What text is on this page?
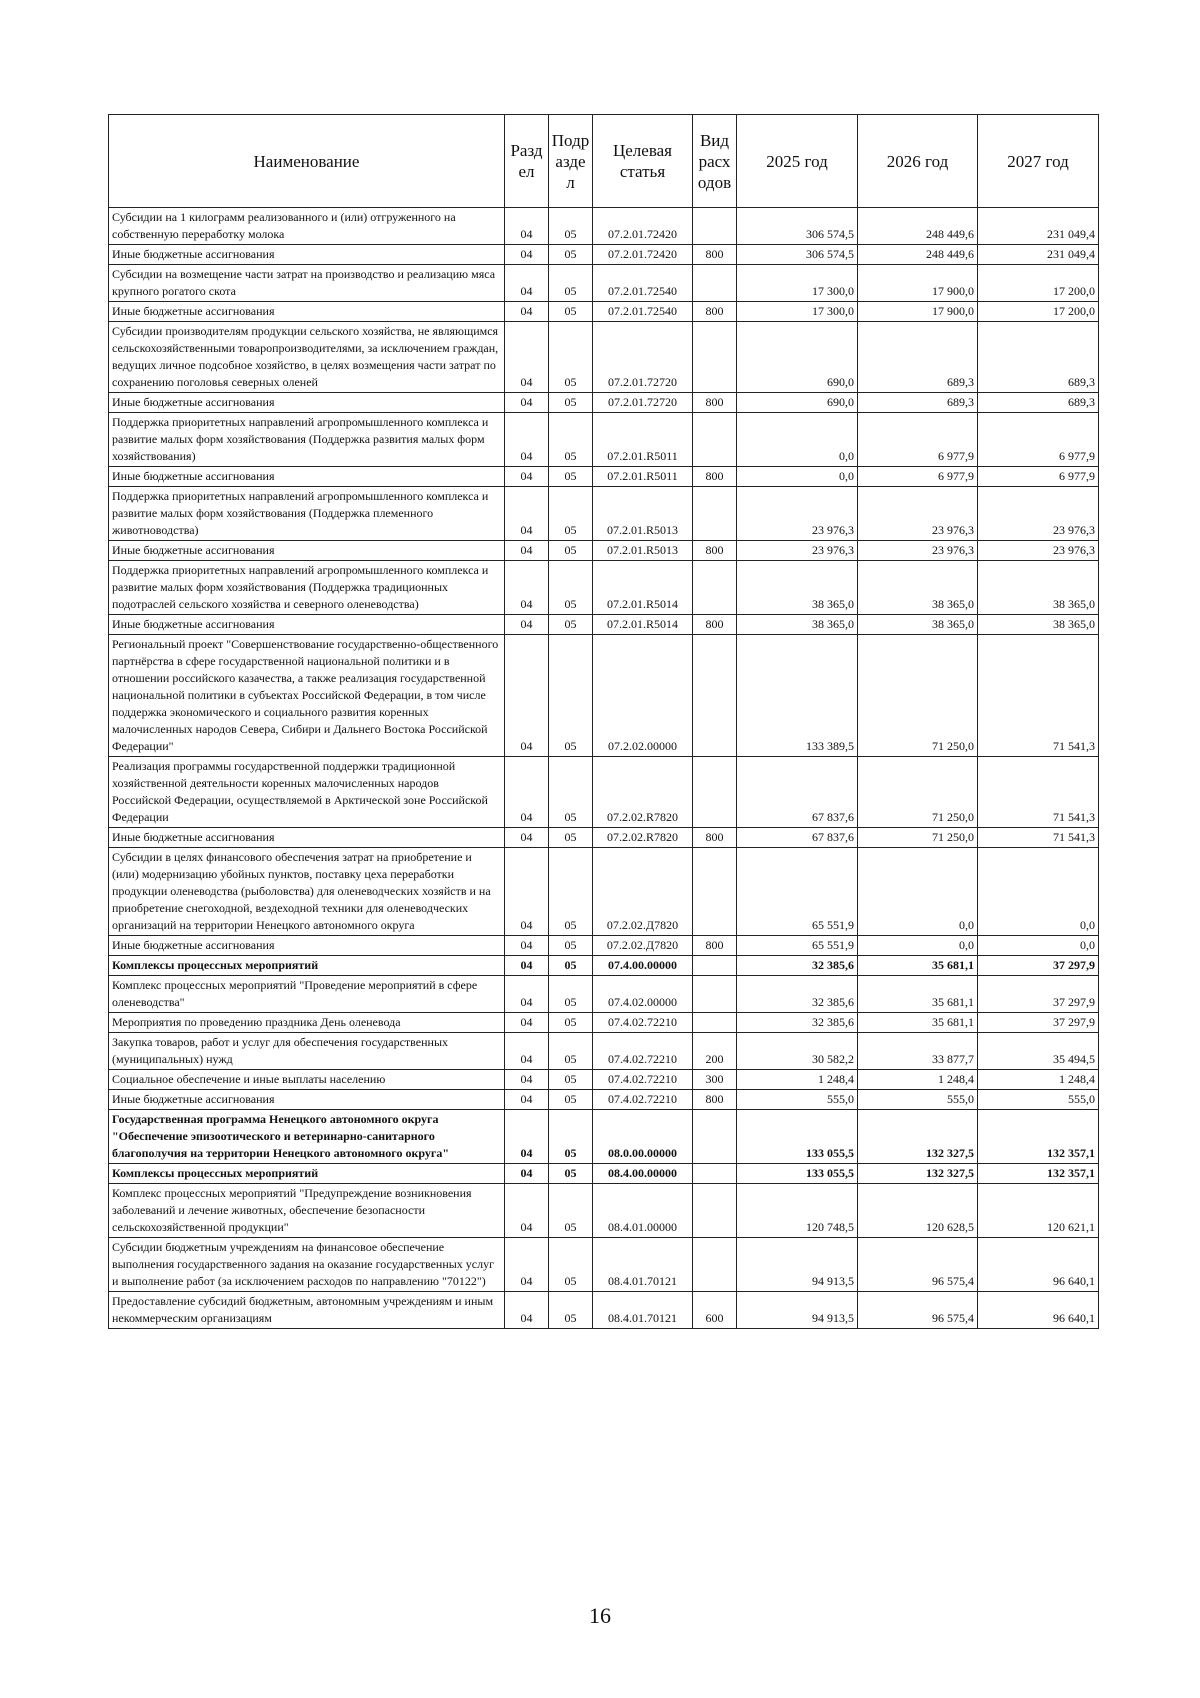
Наименование	Разд ел	Подр азде л	Целевая статья	Вид расх одов	2025 год	2026 год	2027 год
Субсидии на 1 килограмм реализованного и (или) отгруженного на собственную переработку молока	04	05	07.2.01.72420		306 574,5	248 449,6	231 049,4
Иные бюджетные ассигнования	04	05	07.2.01.72420	800	306 574,5	248 449,6	231 049,4
Субсидии на возмещение части затрат на производство и реализацию мяса крупного рогатого скота	04	05	07.2.01.72540		17 300,0	17 900,0	17 200,0
Иные бюджетные ассигнования	04	05	07.2.01.72540	800	17 300,0	17 900,0	17 200,0
Субсидии производителям продукции сельского хозяйства, не являющимся сельскохозяйственными товаропроизводителями, за исключением граждан, ведущих личное подсобное хозяйство, в целях возмещения части затрат по сохранению поголовья северных оленей	04	05	07.2.01.72720		690,0	689,3	689,3
Иные бюджетные ассигнования	04	05	07.2.01.72720	800	690,0	689,3	689,3
Поддержка приоритетных направлений агропромышленного комплекса и развитие малых форм хозяйствования (Поддержка развития малых форм хозяйствования)	04	05	07.2.01.R5011		0,0	6 977,9	6 977,9
Иные бюджетные ассигнования	04	05	07.2.01.R5011	800	0,0	6 977,9	6 977,9
Поддержка приоритетных направлений агропромышленного комплекса и развитие малых форм хозяйствования (Поддержка племенного животноводства)	04	05	07.2.01.R5013		23 976,3	23 976,3	23 976,3
Иные бюджетные ассигнования	04	05	07.2.01.R5013	800	23 976,3	23 976,3	23 976,3
Поддержка приоритетных направлений агропромышленного комплекса и развитие малых форм хозяйствования (Поддержка традиционных подотраслей сельского хозяйства и северного оленеводства)	04	05	07.2.01.R5014		38 365,0	38 365,0	38 365,0
Иные бюджетные ассигнования	04	05	07.2.01.R5014	800	38 365,0	38 365,0	38 365,0
Региональный проект "Совершенствование государственно-общественного партнёрства в сфере государственной национальной политики и в отношении российского казачества, а также реализация государственной национальной политики в субъектах Российской Федерации, в том числе поддержка экономического и социального развития коренных малочисленных народов Севера, Сибири и Дальнего Востока Российской Федерации"	04	05	07.2.02.00000		133 389,5	71 250,0	71 541,3
Реализация программы государственной поддержки традиционной хозяйственной деятельности коренных малочисленных народов Российской Федерации, осуществляемой в Арктической зоне Российской Федерации	04	05	07.2.02.R7820		67 837,6	71 250,0	71 541,3
Иные бюджетные ассигнования	04	05	07.2.02.R7820	800	67 837,6	71 250,0	71 541,3
Субсидии в целях финансового обеспечения затрат на приобретение и (или) модернизацию убойных пунктов, поставку цеха переработки продукции оленеводства (рыболовства) для оленеводческих хозяйств и на приобретение снегоходной, вездеходной техники для оленеводческих организаций на территории Ненецкого автономного округа	04	05	07.2.02.Д7820		65 551,9	0,0	0,0
Иные бюджетные ассигнования	04	05	07.2.02.Д7820	800	65 551,9	0,0	0,0
Комплексы процессных мероприятий	04	05	07.4.00.00000		32 385,6	35 681,1	37 297,9
Комплекс процессных мероприятий "Проведение мероприятий в сфере оленеводства"	04	05	07.4.02.00000		32 385,6	35 681,1	37 297,9
Мероприятия по проведению праздника День оленевода	04	05	07.4.02.72210		32 385,6	35 681,1	37 297,9
Закупка товаров, работ и услуг для обеспечения государственных (муниципальных) нужд	04	05	07.4.02.72210	200	30 582,2	33 877,7	35 494,5
Социальное обеспечение и иные выплаты населению	04	05	07.4.02.72210	300	1 248,4	1 248,4	1 248,4
Иные бюджетные ассигнования	04	05	07.4.02.72210	800	555,0	555,0	555,0
Государственная программа Ненецкого автономного округа "Обеспечение эпизоотического и ветеринарно-санитарного благополучия на территории Ненецкого автономного округа"	04	05	08.0.00.00000		133 055,5	132 327,5	132 357,1
Комплексы процессных мероприятий	04	05	08.4.00.00000		133 055,5	132 327,5	132 357,1
Комплекс процессных мероприятий "Предупреждение возникновения заболеваний и лечение животных, обеспечение безопасности сельскохозяйственной продукции"	04	05	08.4.01.00000		120 748,5	120 628,5	120 621,1
Субсидии бюджетным учреждениям на финансовое обеспечение выполнения государственного задания на оказание государственных услуг и выполнение работ (за исключением расходов по направлению "70122")	04	05	08.4.01.70121		94 913,5	96 575,4	96 640,1
Предоставление субсидий бюджетным, автономным учреждениям и иным некоммерческим организациям	04	05	08.4.01.70121	600	94 913,5	96 575,4	96 640,1
16
